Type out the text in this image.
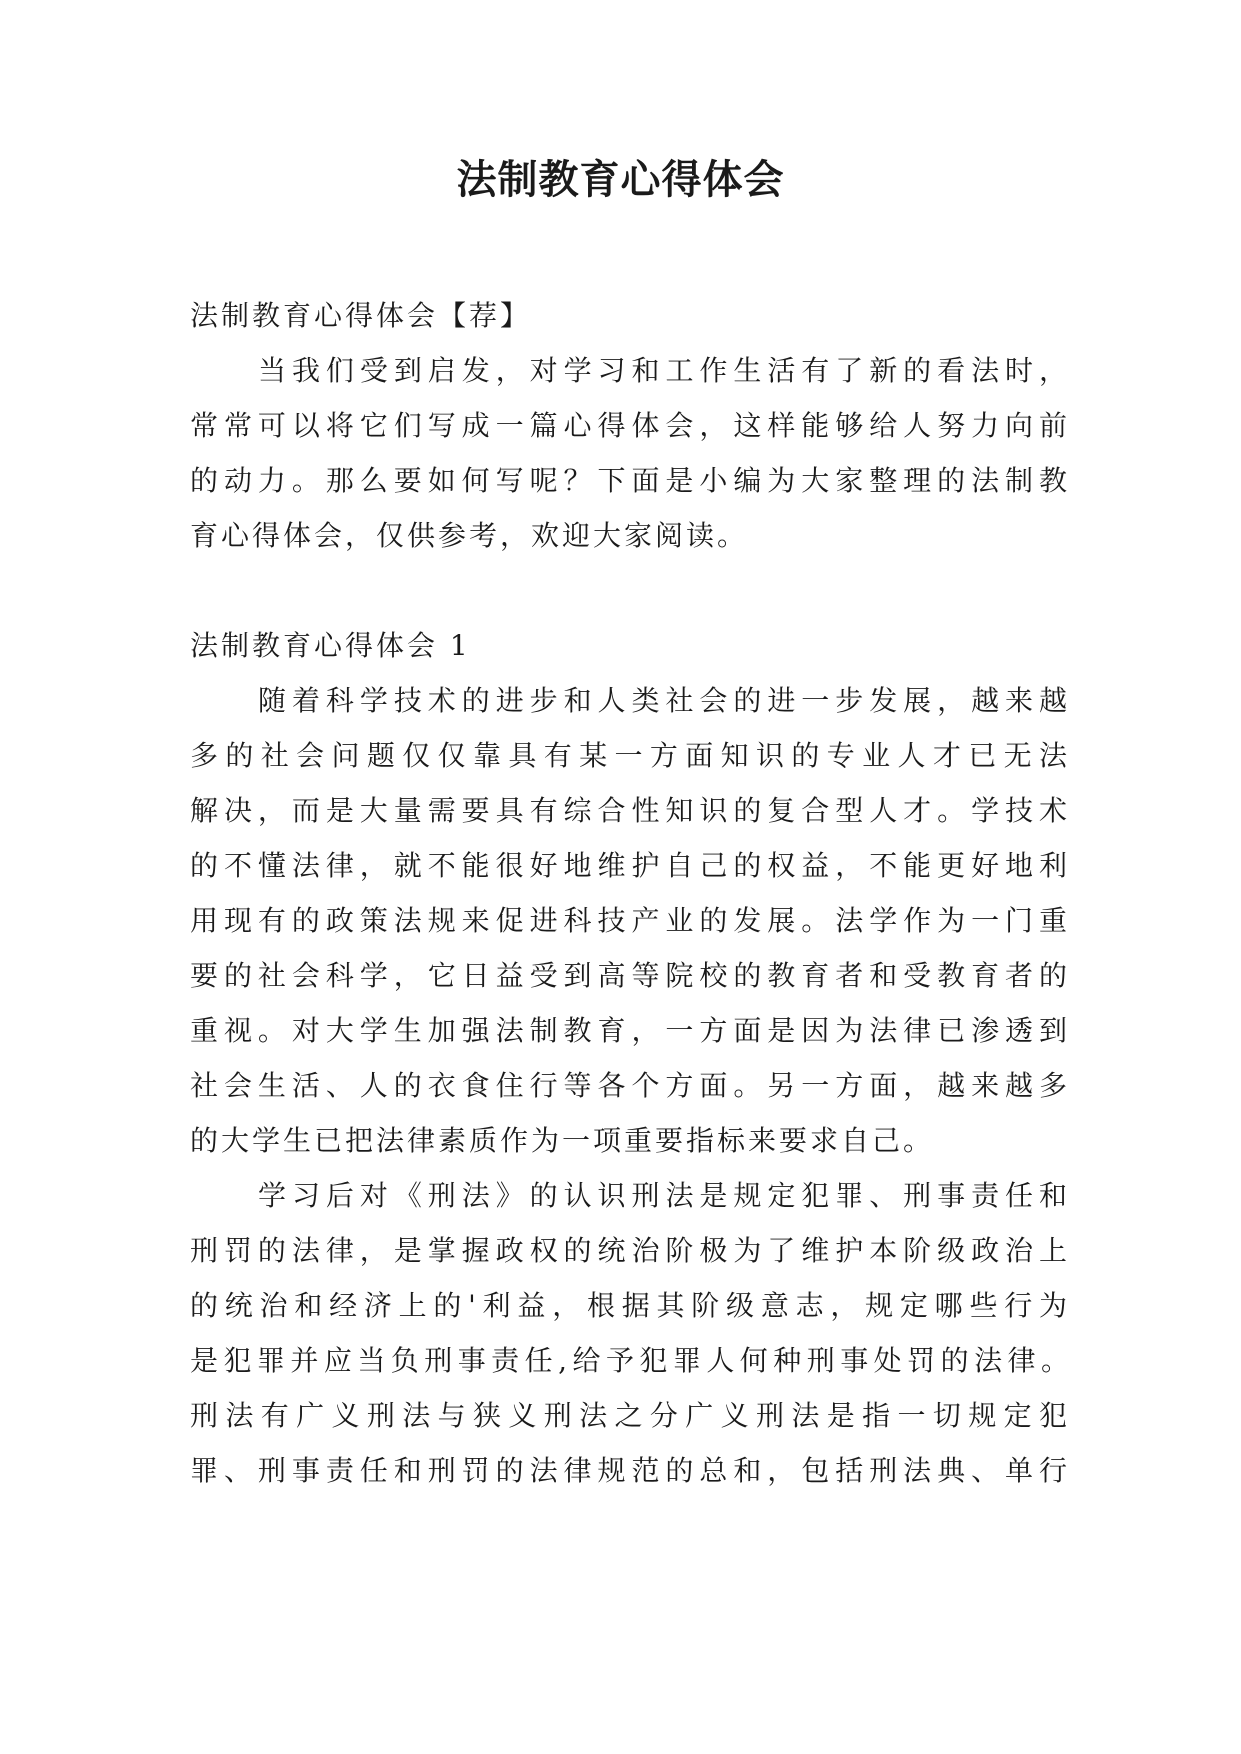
法制教育心得体会
法制教育心得体会【荐】
当我们受到启发，对学习和工作生活有了新的看法时，
常常可以将它们写成一篇心得体会，这样能够给人努力向前
的动力。那么要如何写呢？下面是小编为大家整理的法制教
育心得体会，仅供参考，欢迎大家阅读。
法制教育心得体会 1
随着科学技术的进步和人类社会的进一步发展，越来越
多的社会问题仅仅靠具有某一方面知识的专业人才已无法
解决，而是大量需要具有综合性知识的复合型人才。学技术
的不懂法律，就不能很好地维护自己的权益，不能更好地利
用现有的政策法规来促进科技产业的发展。法学作为一门重
要的社会科学，它日益受到高等院校的教育者和受教育者的
重视。对大学生加强法制教育，一方面是因为法律已渗透到
社会生活、人的衣食住行等各个方面。另一方面，越来越多
的大学生已把法律素质作为一项重要指标来要求自己。
学习后对《刑法》的认识刑法是规定犯罪、刑事责任和
刑罚的法律，是掌握政权的统治阶极为了维护本阶级政治上
的统治和经济上的'利益，根据其阶级意志，规定哪些行为
是犯罪并应当负刑事责任,给予犯罪人何种刑事处罚的法律。
刑法有广义刑法与狭义刑法之分广义刑法是指一切规定犯
罪、刑事责任和刑罚的法律规范的总和，包括刑法典、单行
